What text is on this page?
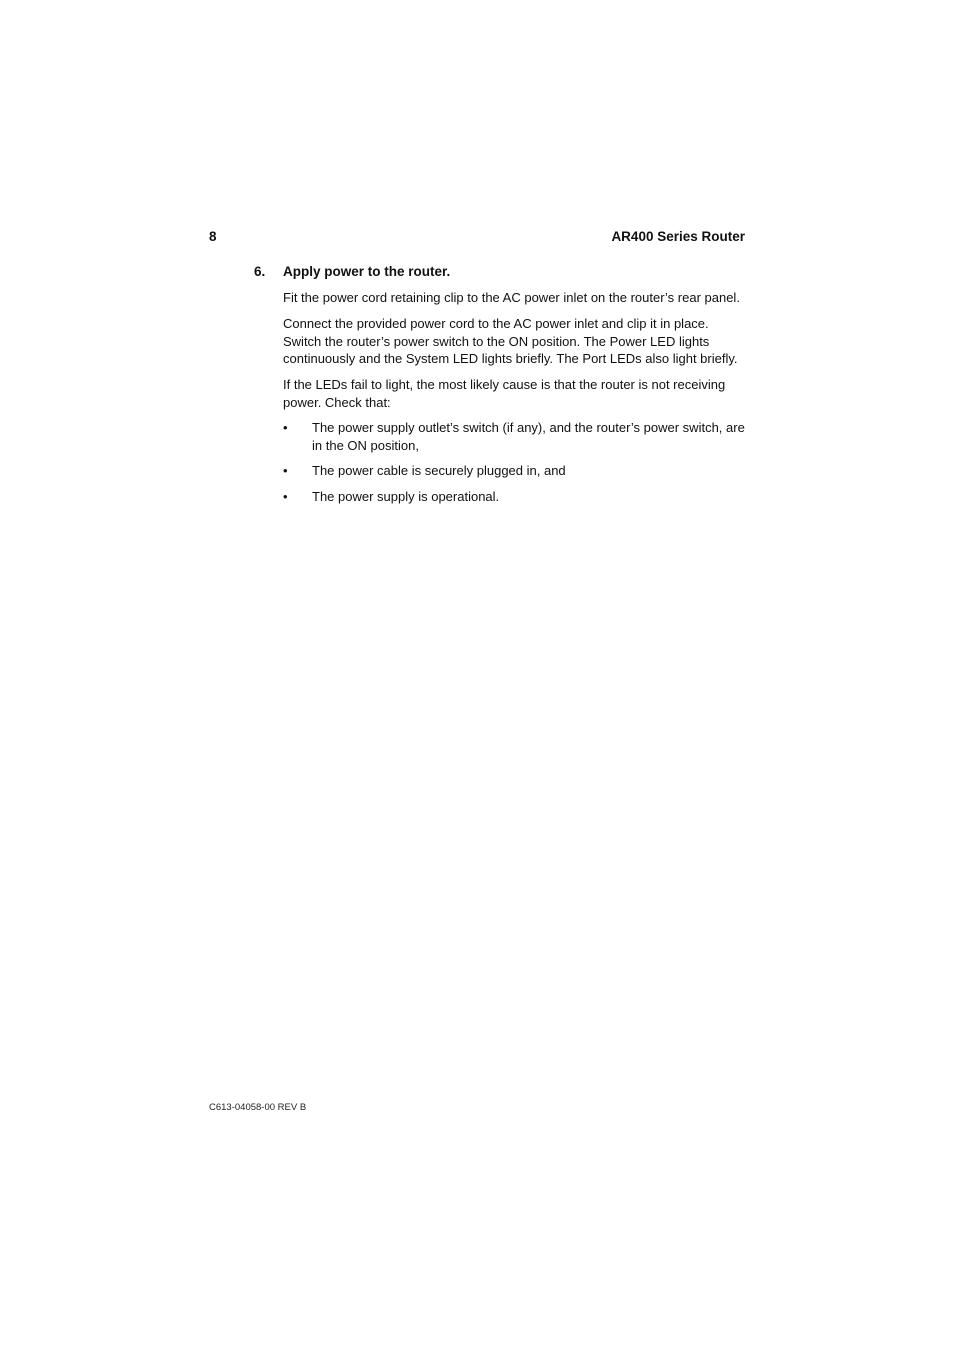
8	AR400 Series Router
6. Apply power to the router.

Fit the power cord retaining clip to the AC power inlet on the router’s rear panel.

Connect the provided power cord to the AC power inlet and clip it in place. Switch the router’s power switch to the ON position. The Power LED lights continuously and the System LED lights briefly. The Port LEDs also light briefly.

If the LEDs fail to light, the most likely cause is that the router is not receiving power. Check that:

• The power supply outlet’s switch (if any), and the router’s power switch, are in the ON position,
• The power cable is securely plugged in, and
• The power supply is operational.
C613-04058-00 REV B
